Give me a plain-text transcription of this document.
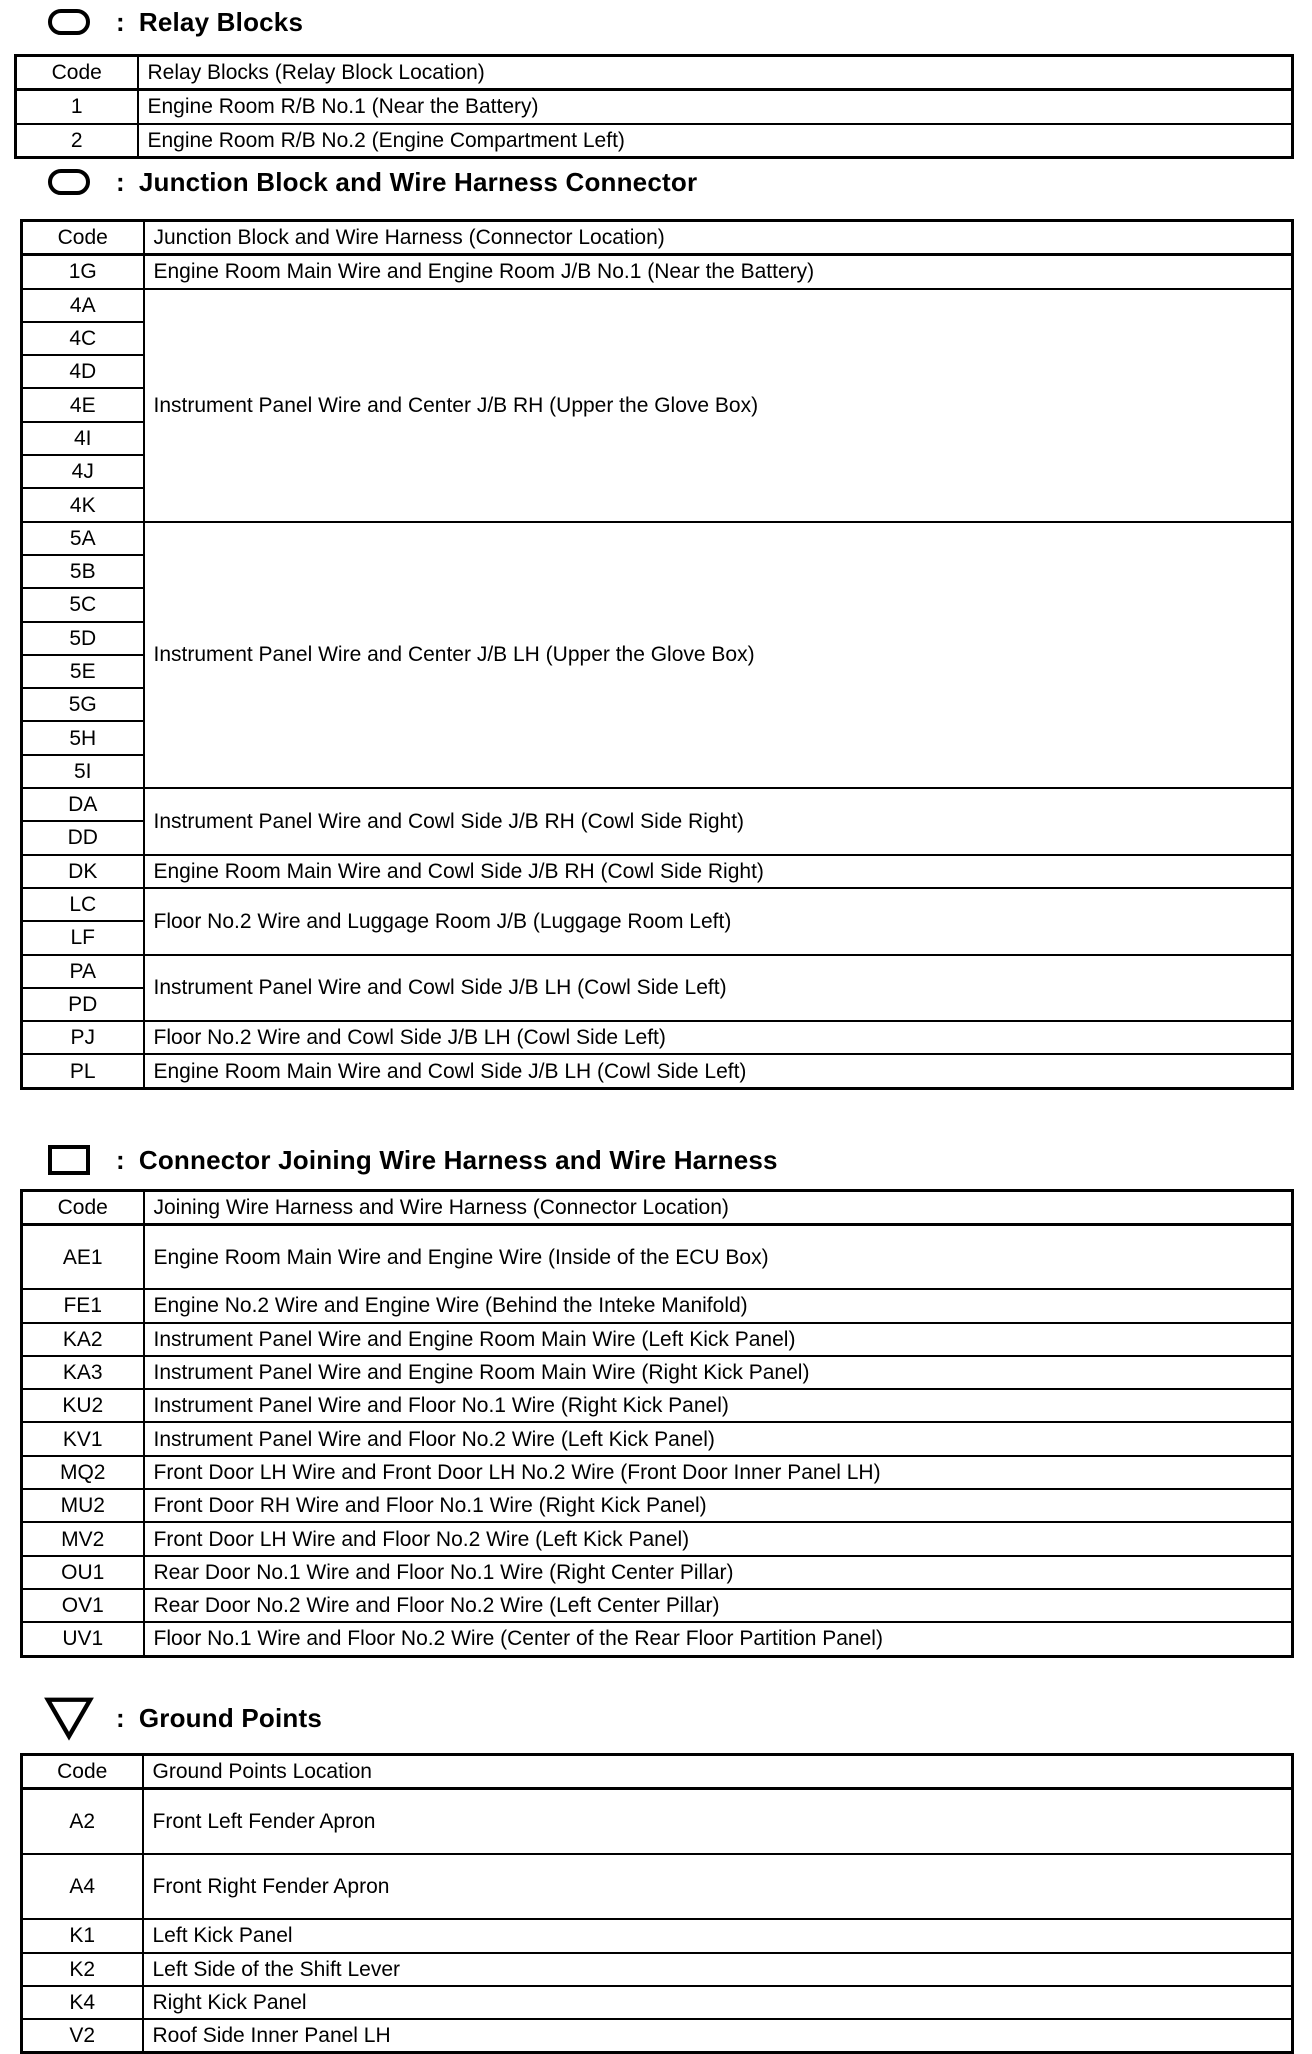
: Relay Blocks
Code	Relay Blocks (Relay Block Location)
1	Engine Room R/B No.1 (Near the Battery)
2	Engine Room R/B No.2 (Engine Compartment Left)
: Junction Block and Wire Harness Connector
Code	Junction Block and Wire Harness (Connector Location)
1G	Engine Room Main Wire and Engine Room J/B No.1 (Near the Battery)
4A	Instrument Panel Wire and Center J/B RH (Upper the Glove Box)
4C	
4D	
4E	
4I	
4J	
4K	
5A	Instrument Panel Wire and Center J/B LH (Upper the Glove Box)
5B	
5C	
5D	
5E	
5G	
5H	
5I	
DA	Instrument Panel Wire and Cowl Side J/B RH (Cowl Side Right)
DD	
DK	Engine Room Main Wire and Cowl Side J/B RH (Cowl Side Right)
LC	Floor No.2 Wire and Luggage Room J/B (Luggage Room Left)
LF	
PA	Instrument Panel Wire and Cowl Side J/B LH (Cowl Side Left)
PD	
PJ	Floor No.2 Wire and Cowl Side J/B LH (Cowl Side Left)
PL	Engine Room Main Wire and Cowl Side J/B LH (Cowl Side Left)
: Connector Joining Wire Harness and Wire Harness
Code	Joining Wire Harness and Wire Harness (Connector Location)
AE1	Engine Room Main Wire and Engine Wire (Inside of the ECU Box)
FE1	Engine No.2 Wire and Engine Wire (Behind the Inteke Manifold)
KA2	Instrument Panel Wire and Engine Room Main Wire (Left Kick Panel)
KA3	Instrument Panel Wire and Engine Room Main Wire (Right Kick Panel)
KU2	Instrument Panel Wire and Floor No.1 Wire (Right Kick Panel)
KV1	Instrument Panel Wire and Floor No.2 Wire (Left Kick Panel)
MQ2	Front Door LH Wire and Front Door LH No.2 Wire (Front Door Inner Panel LH)
MU2	Front Door RH Wire and Floor No.1 Wire (Right Kick Panel)
MV2	Front Door LH Wire and Floor No.2 Wire (Left Kick Panel)
OU1	Rear Door No.1 Wire and Floor No.1 Wire (Right Center Pillar)
OV1	Rear Door No.2 Wire and Floor No.2 Wire (Left Center Pillar)
UV1	Floor No.1 Wire and Floor No.2 Wire (Center of the Rear Floor Partition Panel)
: Ground Points
Code	Ground Points Location
A2	Front Left Fender Apron
A4	Front Right Fender Apron
K1	Left Kick Panel
K2	Left Side of the Shift Lever
K4	Right Kick Panel
V2	Roof Side Inner Panel LH
